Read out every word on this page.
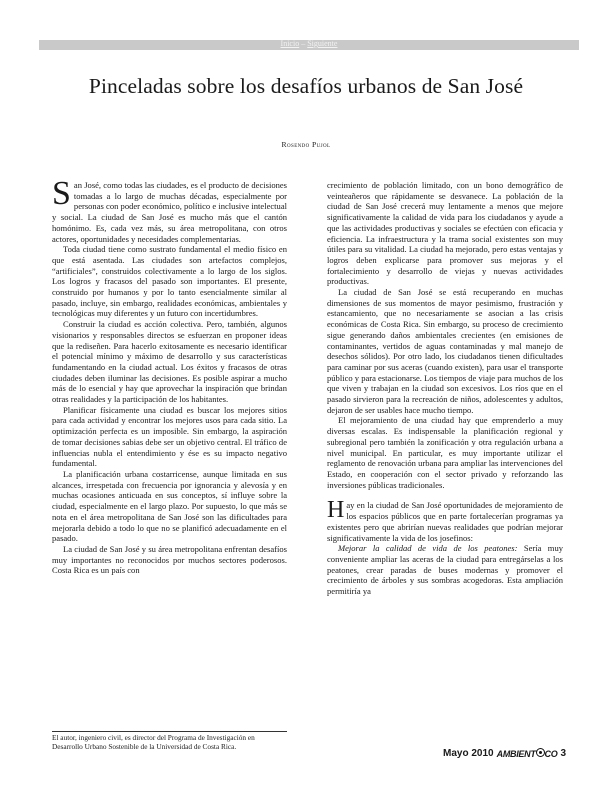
Inicio – Siguiente
Pinceladas sobre los desafíos urbanos de San José
Rosendo Pujol

San José, como todas las ciudades, es el producto de decisiones tomadas a lo largo de muchas décadas, especialmente por personas con poder económico, político e inclusive intelectual y social. La ciudad de San José es mucho más que el cantón homónimo. Es, cada vez más, su área metropolitana, con otros actores, oportunidades y necesidades complementarias.

Toda ciudad tiene como sustrato fundamental el medio físico en que está asentada. Las ciudades son artefactos complejos, “artificiales”, construidos colectivamente a lo largo de los siglos. Los logros y fracasos del pasado son importantes. El presente, construido por humanos y por lo tanto esencialmente similar al pasado, incluye, sin embargo, realidades económicas, ambientales y tecnológicas muy diferentes y un futuro con incertidumbres.

Construir la ciudad es acción colectiva. Pero, también, algunos visionarios y responsables directos se esfuerzan en proponer ideas que la rediseñen. Para hacerlo exitosamente es necesario identificar el potencial mínimo y máximo de desarrollo y sus características fundamentando en la ciudad actual. Los éxitos y fracasos de otras ciudades deben iluminar las decisiones. Es posible aspirar a mucho más de lo esencial y hay que aprovechar la inspiración que brindan otras realidades y la participación de los habitantes.

Planificar físicamente una ciudad es buscar los mejores sitios para cada actividad y encontrar los mejores usos para cada sitio. La optimización perfecta es un imposible. Sin embargo, la aspiración de tomar decisiones sabias debe ser un objetivo central. El tráfico de influencias nubla el entendimiento y ése es su impacto negativo fundamental.

La planificación urbana costarricense, aunque limitada en sus alcances, irrespetada con frecuencia por ignorancia y alevosía y en muchas ocasiones anticuada en sus conceptos, sí influye sobre la ciudad, especialmente en el largo plazo. Por supuesto, lo que más se nota en el área metropolitana de San José son las dificultades para mejorarla debido a todo lo que no se planificó adecuadamente en el pasado.

La ciudad de San José y su área metropolitana enfrentan desafíos muy importantes no reconocidos por muchos sectores poderosos. Costa Rica es un país con

crecimiento de población limitado, con un bono demográfico de veinteañeros que rápidamente se desvanece. La población de la ciudad de San José crecerá muy lentamente a menos que mejore significativamente la calidad de vida para los ciudadanos y ayude a que las actividades productivas y sociales se efectúen con eficacia y eficiencia. La infraestructura y la trama social existentes son muy útiles para su vitalidad. La ciudad ha mejorado, pero estas ventajas y logros deben explicarse para promover sus mejoras y el fortalecimiento y desarrollo de viejas y nuevas actividades productivas.

La ciudad de San José se está recuperando en muchas dimensiones de sus momentos de mayor pesimismo, frustración y estancamiento, que no necesariamente se asocian a las crisis económicas de Costa Rica. Sin embargo, su proceso de crecimiento sigue generando daños ambientales crecientes (en emisiones de contaminantes, vertidos de aguas contaminadas y mal manejo de desechos sólidos). Por otro lado, los ciudadanos tienen dificultades para caminar por sus aceras (cuando existen), para usar el transporte público y para estacionarse. Los tiempos de viaje para muchos de los que viven y trabajan en la ciudad son excesivos. Los ríos que en el pasado sirvieron para la recreación de niños, adolescentes y adultos, dejaron de ser usables hace mucho tiempo.

El mejoramiento de una ciudad hay que emprenderlo a muy diversas escalas. Es indispensable la planificación regional y subregional pero también la zonificación y otra regulación urbana a nivel municipal. En particular, es muy importante utilizar el reglamento de renovación urbana para ampliar las intervenciones del Estado, en cooperación con el sector privado y reforzando las inversiones públicas tradicionales.

Hay en la ciudad de San José oportunidades de mejoramiento de los espacios públicos que en parte fortalecerían programas ya existentes pero que abrirían nuevas realidades que podrían mejorar significativamente la vida de los josefinos:

Mejorar la calidad de vida de los peatones: Sería muy conveniente ampliar las aceras de la ciudad para entregárselas a los peatones, crear paradas de buses modernas y promover el crecimiento de árboles y sus sombras acogedoras. Esta ampliación permitiría ya

El autor, ingeniero civil, es director del Programa de Investigación en Desarrollo Urbano Sostenible de la Universidad de Costa Rica.
Mayo 2010 AMBIENT CO 3
